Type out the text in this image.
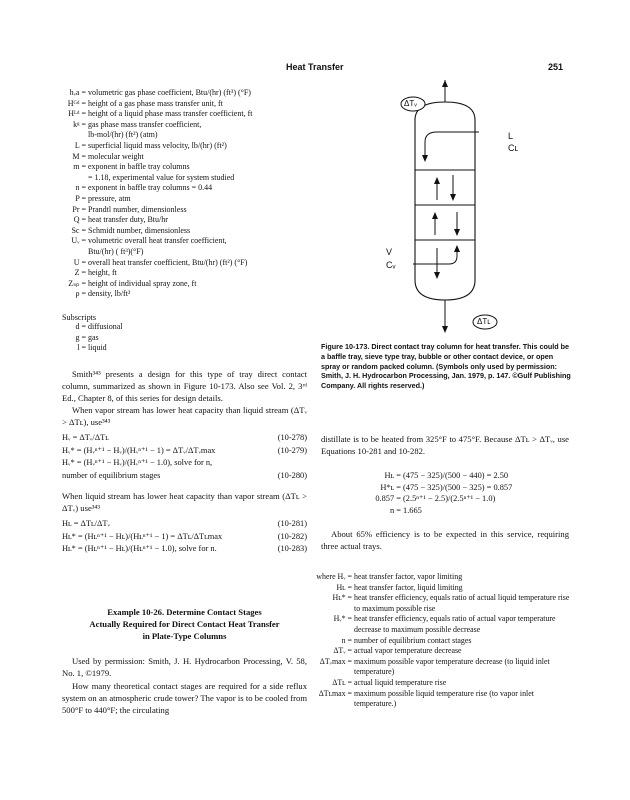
Heat Transfer	251
hᵥa = volumetric gas phase coefficient, Btu/(hr) (ft³) (°F)
Hᴳᵈ = height of a gas phase mass transfer unit, ft
Hᴸᵈ = height of a liquid phase mass transfer coefficient, ft
kᵍ = gas phase mass transfer coefficient,
lb-mol/(hr) (ft²) (atm)
L = superficial liquid mass velocity, lb/(hr) (ft²)
M = molecular weight
m = exponent in baffle tray columns
= 1.18, experimental value for system studied
n = exponent in baffle tray columns = 0.44
P = pressure, atm
Pr = Prandtl number, dimensionless
Q = heat transfer duty, Btu/hr
Sc = Schmidt number, dimensionless
Uᵥ = volumetric overall heat transfer coefficient,
Btu/(hr) ( ft³)(°F)
U = overall heat transfer coefficient, Btu/(hr) (ft²) (°F)
Z = height, ft
Zₛₚ = height of individual spray zone, ft
ρ = density, lb/ft³
Subscripts
d = diffusional
g = gas
l = liquid
Smith³⁴³ presents a design for this type of tray direct contact column, summarized as shown in Figure 10-173. Also see Vol. 2, 3ʳᵈ Ed., Chapter 8, of this series for design details.
When vapor stream has lower heat capacity than liquid stream (ΔTᵥ > ΔTʟ), use³⁴³
Hᵥ = ΔTᵥ/ΔTʟ	(10-278)
Hᵥ* = (Hᵥⁿ⁺¹ − Hᵥ)/(Hᵥⁿ⁺¹ − 1) = ΔTᵥ/ΔTᵥmax	(10-279)
Hᵥ* = (Hᵥⁿ⁺¹ − Hᵥ)/(Hᵥⁿ⁺¹ − 1.0), solve for n,
number of equilibrium stages	(10-280)
When liquid stream has lower heat capacity than vapor stream (ΔTʟ > ΔTᵥ) use³⁴³
Hʟ = ΔTʟ/ΔTᵥ	(10-281)
Hʟ* = (Hʟⁿ⁺¹ − Hʟ)/(Hʟⁿ⁺¹ − 1) = ΔTʟ/ΔTʟmax	(10-282)
Hʟ* = (Hʟⁿ⁺¹ − Hʟ)/(Hʟⁿ⁺¹ − 1.0), solve for n.	(10-283)
Example 10-26. Determine Contact Stages
Actually Required for Direct Contact Heat Transfer
in Plate-Type Columns
Used by permission: Smith, J. H. Hydrocarbon Processing, V. 58, No. 1, ©1979.
How many theoretical contact stages are required for a side reflux system on an atmospheric crude tower? The vapor is to be cooled from 500°F to 440°F; the circulating
ΔTᵥ
ΔTʟ
L
Cʟ
V
Cᵥ
Figure 10-173. Direct contact tray column for heat transfer. This could be a baffle tray, sieve type tray, bubble or other contact device, or open spray or random packed column. (Symbols only used by permission: Smith, J. H. Hydrocarbon Processing, Jan. 1979, p. 147. ©Gulf Publishing Company. All rights reserved.)
distillate is to be heated from 325°F to 475°F. Because ΔTʟ > ΔTᵥ, use Equations 10-281 and 10-282.
Hʟ = (475 − 325)/(500 − 440) = 2.50
H*ʟ = (475 − 325)/(500 − 325) = 0.857
0.857 = (2.5ⁿ⁺¹ − 2.5)/(2.5ⁿ⁺¹ − 1.0)
n = 1.665
About 65% efficiency is to be expected in this service, requiring three actual trays.
where Hᵥ = heat transfer factor, vapor limiting
Hʟ = heat transfer factor, liquid limiting
Hʟ* = heat transfer efficiency, equals ratio of actual liquid temperature rise to maximum possible rise
Hᵥ* = heat transfer efficiency, equals ratio of actual vapor temperature decrease to maximum possible decrease
n = number of equilibrium contact stages
ΔTᵥ = actual vapor temperature decrease
ΔTᵥmax = maximum possible vapor temperature decrease (to liquid inlet temperature)
ΔTʟ = actual liquid temperature rise
ΔTʟmax = maximum possible liquid temperature rise (to vapor inlet temperature.)
